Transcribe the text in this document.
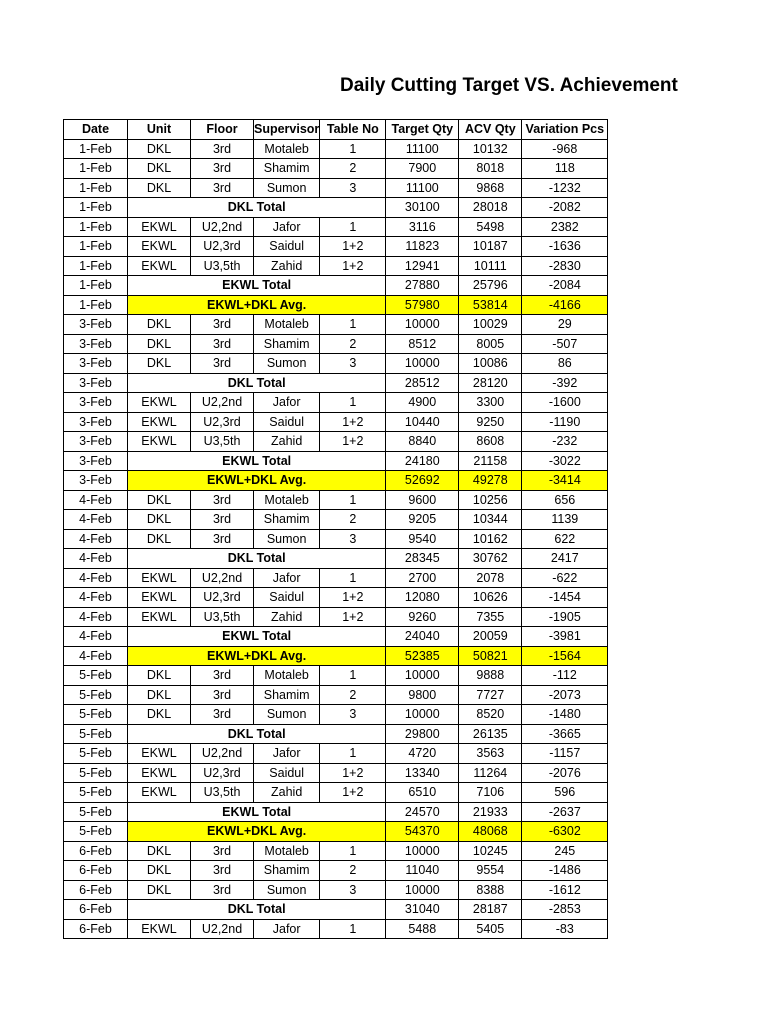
Daily Cutting Target VS. Achievement
Date	Unit	Floor	Supervisor	Table No	Target Qty	ACV Qty	Variation Pcs
1-Feb	DKL	3rd	Motaleb	1	11100	10132	-968
1-Feb	DKL	3rd	Shamim	2	7900	8018	118
1-Feb	DKL	3rd	Sumon	3	11100	9868	-1232
1-Feb	DKL Total				30100	28018	-2082
1-Feb	EKWL	U2,2nd	Jafor	1	3116	5498	2382
1-Feb	EKWL	U2,3rd	Saidul	1+2	11823	10187	-1636
1-Feb	EKWL	U3,5th	Zahid	1+2	12941	10111	-2830
1-Feb	EKWL Total				27880	25796	-2084
1-Feb	EKWL+DKL Avg.				57980	53814	-4166
3-Feb	DKL	3rd	Motaleb	1	10000	10029	29
3-Feb	DKL	3rd	Shamim	2	8512	8005	-507
3-Feb	DKL	3rd	Sumon	3	10000	10086	86
3-Feb	DKL Total				28512	28120	-392
3-Feb	EKWL	U2,2nd	Jafor	1	4900	3300	-1600
3-Feb	EKWL	U2,3rd	Saidul	1+2	10440	9250	-1190
3-Feb	EKWL	U3,5th	Zahid	1+2	8840	8608	-232
3-Feb	EKWL Total				24180	21158	-3022
3-Feb	EKWL+DKL Avg.				52692	49278	-3414
4-Feb	DKL	3rd	Motaleb	1	9600	10256	656
4-Feb	DKL	3rd	Shamim	2	9205	10344	1139
4-Feb	DKL	3rd	Sumon	3	9540	10162	622
4-Feb	DKL Total				28345	30762	2417
4-Feb	EKWL	U2,2nd	Jafor	1	2700	2078	-622
4-Feb	EKWL	U2,3rd	Saidul	1+2	12080	10626	-1454
4-Feb	EKWL	U3,5th	Zahid	1+2	9260	7355	-1905
4-Feb	EKWL Total				24040	20059	-3981
4-Feb	EKWL+DKL Avg.				52385	50821	-1564
5-Feb	DKL	3rd	Motaleb	1	10000	9888	-112
5-Feb	DKL	3rd	Shamim	2	9800	7727	-2073
5-Feb	DKL	3rd	Sumon	3	10000	8520	-1480
5-Feb	DKL Total				29800	26135	-3665
5-Feb	EKWL	U2,2nd	Jafor	1	4720	3563	-1157
5-Feb	EKWL	U2,3rd	Saidul	1+2	13340	11264	-2076
5-Feb	EKWL	U3,5th	Zahid	1+2	6510	7106	596
5-Feb	EKWL Total				24570	21933	-2637
5-Feb	EKWL+DKL Avg.				54370	48068	-6302
6-Feb	DKL	3rd	Motaleb	1	10000	10245	245
6-Feb	DKL	3rd	Shamim	2	11040	9554	-1486
6-Feb	DKL	3rd	Sumon	3	10000	8388	-1612
6-Feb	DKL Total				31040	28187	-2853
6-Feb	EKWL	U2,2nd	Jafor	1	5488	5405	-83
